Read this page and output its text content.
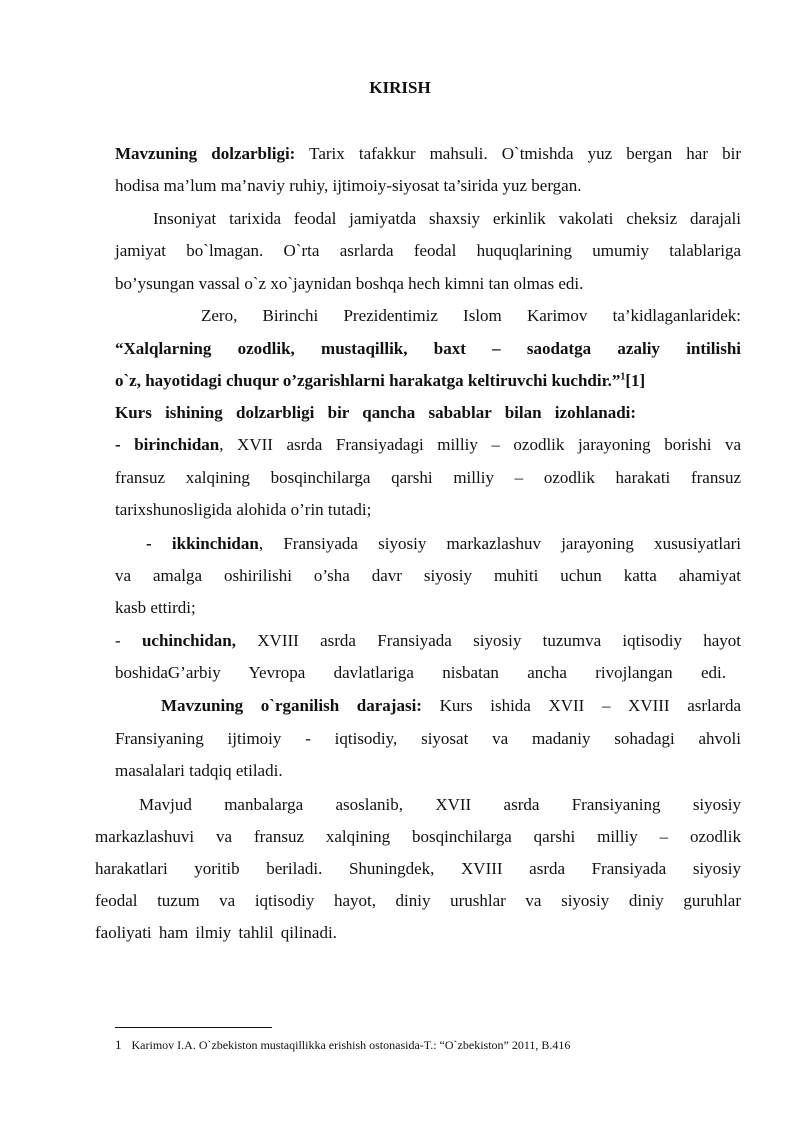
KIRISH
Mavzuning dolzarbligi: Tarix tafakkur mahsuli. O`tmishda yuz bergan har bir
hodisa ma’lum ma’naviy ruhiy, ijtimoiy-siyosat ta’sirida yuz bergan.
Insoniyat tarixida feodal jamiyatda shaxsiy erkinlik vakolati cheksiz darajali
jamiyat bo`lmagan. O`rta asrlarda feodal huquqlarining umumiy talablariga
bo’ysungan vassal o`z xo`jaynidan boshqa hech kimni tan olmas edi.
Zero, Birinchi Prezidentimiz Islom Karimov ta’kidlaganlaridek:
“Xalqlarning ozodlik, mustaqillik, baxt – saodatga azaliy intilishi
o`z, hayotidagi chuqur o’zgarishlarni harakatga keltiruvchi kuchdir.”$^1$[1]
Kurs ishining dolzarbligi bir qancha sabablar bilan izohlanadi:
- birinchidan, XVII asrda Fransiyadagi milliy – ozodlik jarayoning borishi va
fransuz xalqining bosqinchilarga qarshi milliy – ozodlik harakati fransuz
tarixshunosligida alohida o’rin tutadi;
- ikkinchidan, Fransiyada siyosiy markazlashuv jarayoning xususiyatlari
va amalga oshirilishi o’sha davr siyosiy muhiti uchun katta ahamiyat
kasb ettirdi;
- uchinchidan, XVIII asrda Fransiyada siyosiy tuzumva iqtisodiy hayot
boshidaG’arbiy Yevropa davlatlariga nisbatan ancha rivojlangan edi.
Mavzuning o`rganilish darajasi: Kurs ishida XVII – XVIII asrlarda
Fransiyaning ijtimoiy - iqtisodiy, siyosat va madaniy sohadagi ahvoli
masalalari tadqiq etiladi.
Mavjud manbalarga asoslanib, XVII asrda Fransiyaning siyosiy
markazlashuvi va fransuz xalqining bosqinchilarga qarshi milliy – ozodlik
harakatlari yoritib beriladi. Shuningdek, XVIII asrda Fransiyada siyosiy
feodal tuzum va iqtisodiy hayot, diniy urushlar va siyosiy diniy guruhlar
faoliyati ham ilmiy tahlil qilinadi.
1 Karimov I.A. O`zbekiston mustaqillikka erishish ostonasida-T.: “O`zbekiston” 2011, B.416
